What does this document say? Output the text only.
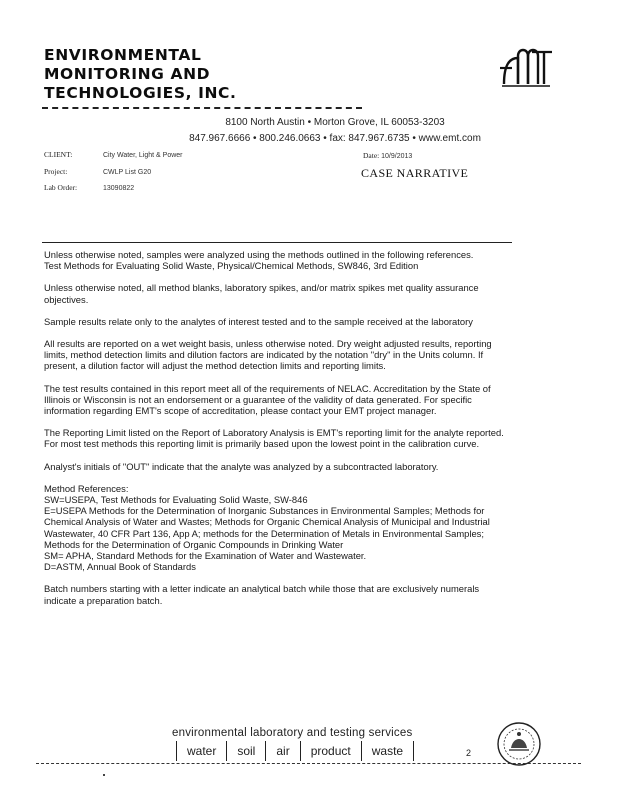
ENVIRONMENTAL
MONITORING AND
TECHNOLOGIES, INC.
8100 North Austin • Morton Grove, IL 60053-3203
847.967.6666 • 800.246.0663 • fax: 847.967.6735 • www.emt.com
CLIENT:	City Water, Light & Power
Project:	CWLP List G20
Lab Order:	13090822
Date: 10/9/2013
CASE NARRATIVE

Unless otherwise noted, samples were analyzed using the methods outlined in the following references.
Test Methods for Evaluating Solid Waste, Physical/Chemical Methods, SW846, 3rd Edition

Unless otherwise noted, all method blanks, laboratory spikes, and/or matrix spikes met quality assurance objectives.

Sample results relate only to the analytes of interest tested and to the sample received at the laboratory

All results are reported on a wet weight basis, unless otherwise noted. Dry weight adjusted results, reporting limits, method detection limits and dilution factors are indicated by the notation "dry" in the Units column. If present, a dilution factor will adjust the method detection limits and reporting limits.

The test results contained in this report meet all of the requirements of NELAC. Accreditation by the State of Illinois or Wisconsin is not an endorsement or a guarantee of the validity of data generated. For specific information regarding EMT's scope of accreditation, please contact your EMT project manager.

The Reporting Limit listed on the Report of Laboratory Analysis is EMT's reporting limit for the analyte reported. For most test methods this reporting limit is primarily based upon the lowest point in the calibration curve.

Analyst's initials of "OUT" indicate that the analyte was analyzed by a subcontracted laboratory.

Method References:

SW=USEPA, Test Methods for Evaluating Solid Waste, SW-846

E=USEPA Methods for the Determination of Inorganic Substances in Environmental Samples; Methods for Chemical Analysis of Water and Wastes; Methods for Organic Chemical Analysis of Municipal and Industrial Wastewater, 40 CFR Part 136, App A; methods for the Determination of Metals in Environmental Samples; Methods for the Determination of Organic Compounds in Drinking Water

SM= APHA, Standard Methods for the Examination of Water and Wastewater.

D=ASTM, Annual Book of Standards

Batch numbers starting with a letter indicate an analytical batch while those that are exclusively numerals indicate a preparation batch.

environmental laboratory and testing services
water	soil	air	product	waste	2
